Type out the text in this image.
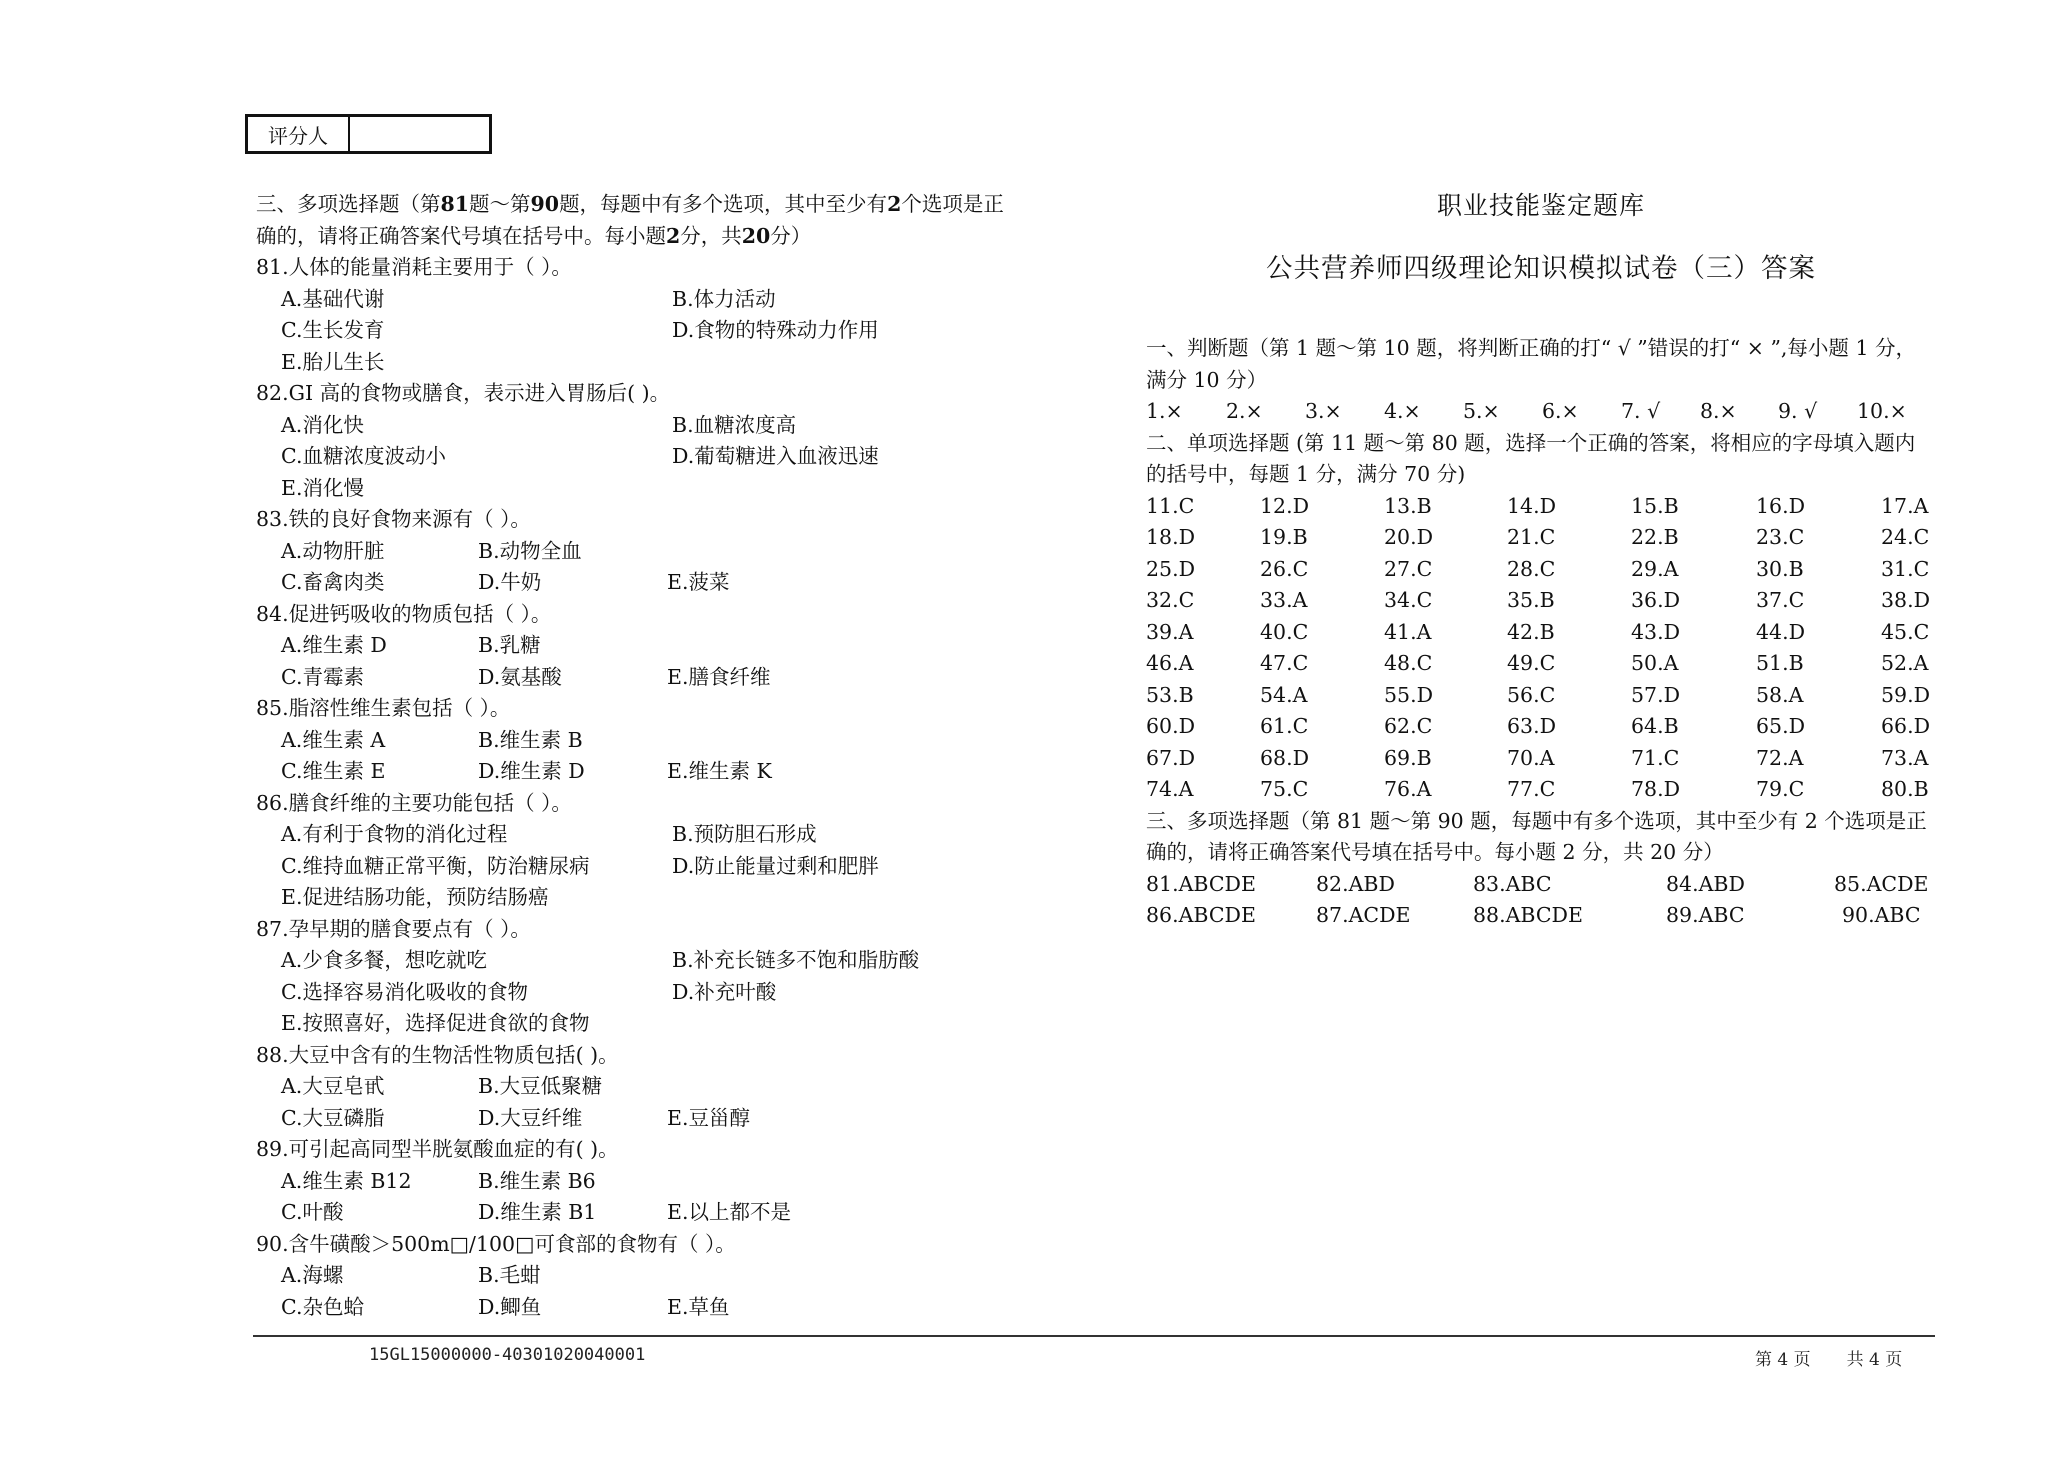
评分人
三、多项选择题（第81题～第90题，每题中有多个选项，其中至少有2个选项是正
确的，请将正确答案代号填在括号中。每小题2分，共20分）
81.人体的能量消耗主要用于（ ）。
A.基础代谢	B.体力活动
C.生长发育	D.食物的特殊动力作用
E.胎儿生长
82.GI 高的食物或膳食，表示进入胃肠后( )。
A.消化快	B.血糖浓度高
C.血糖浓度波动小	D.葡萄糖进入血液迅速
E.消化慢
83.铁的良好食物来源有（ ）。
A.动物肝脏	B.动物全血
C.畜禽肉类	D.牛奶	E.菠菜
84.促进钙吸收的物质包括（ ）。
A.维生素 D	B.乳糖
C.青霉素	D.氨基酸	E.膳食纤维
85.脂溶性维生素包括（ ）。
A.维生素 A	B.维生素 B
C.维生素 E	D.维生素 D	E.维生素 K
86.膳食纤维的主要功能包括（ ）。
A.有利于食物的消化过程	B.预防胆石形成
C.维持血糖正常平衡，防治糖尿病	D.防止能量过剩和肥胖
E.促进结肠功能，预防结肠癌
87.孕早期的膳食要点有（ ）。
A.少食多餐，想吃就吃	B.补充长链多不饱和脂肪酸
C.选择容易消化吸收的食物	D.补充叶酸
E.按照喜好，选择促进食欲的食物
88.大豆中含有的生物活性物质包括( )。
A.大豆皂甙	B.大豆低聚糖
C.大豆磷脂	D.大豆纤维	E.豆甾醇
89.可引起高同型半胱氨酸血症的有( )。
A.维生素 B12	B.维生素 B6
C.叶酸	D.维生素 B1	E.以上都不是
90.含牛磺酸＞500m□/100□可食部的食物有（ ）。
A.海螺	B.毛蚶
C.杂色蛤	D.鲫鱼	E.草鱼
职业技能鉴定题库
公共营养师四级理论知识模拟试卷（三）答案
一、判断题（第 1 题～第 10 题，将判断正确的打“ √ ”错误的打“ × ”,每小题 1 分，
满分 10 分）
1.× 2.× 3.× 4.× 5.× 6.× 7. √ 8.× 9. √ 10.×
二、单项选择题 (第 11 题～第 80 题，选择一个正确的答案，将相应的字母填入题内
的括号中，每题 1 分，满分 70 分)
11.C	12.D	13.B	14.D	15.B	16.D	17.A
18.D	19.B	20.D	21.C	22.B	23.C	24.C
25.D	26.C	27.C	28.C	29.A	30.B	31.C
32.C	33.A	34.C	35.B	36.D	37.C	38.D
39.A	40.C	41.A	42.B	43.D	44.D	45.C
46.A	47.C	48.C	49.C	50.A	51.B	52.A
53.B	54.A	55.D	56.C	57.D	58.A	59.D
60.D	61.C	62.C	63.D	64.B	65.D	66.D
67.D	68.D	69.B	70.A	71.C	72.A	73.A
74.A	75.C	76.A	77.C	78.D	79.C	80.B
三、多项选择题（第 81 题～第 90 题，每题中有多个选项，其中至少有 2 个选项是正
确的，请将正确答案代号填在括号中。每小题 2 分，共 20 分）
81.ABCDE	82.ABD	83.ABC	84.ABD	85.ACDE
86.ABCDE	87.ACDE	88.ABCDE	89.ABC	90.ABC
15GL15000000-40301020040001	第 4 页 共 4 页
